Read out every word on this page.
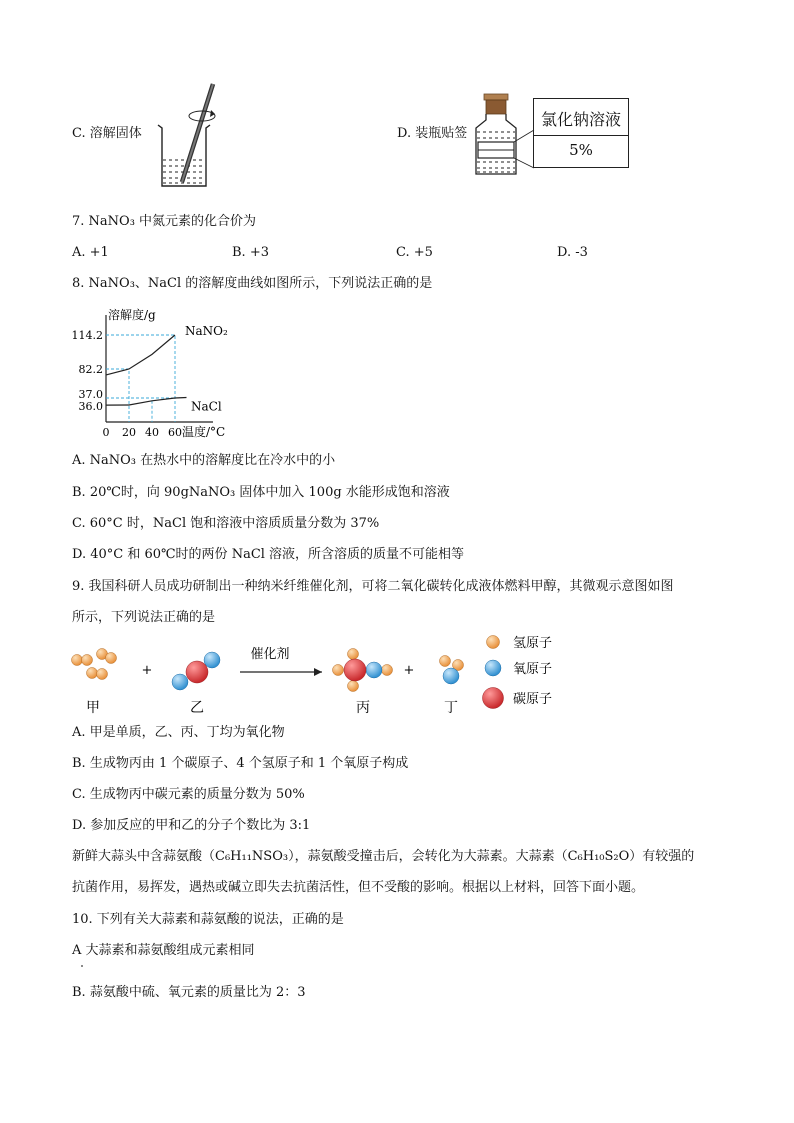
C. 溶解固体	D. 装瓶贴签
氯化钠溶液
5%
7. NaNO₃ 中氮元素的化合价为
A. +1	B. +3	C. +5	D. -3
8. NaNO₃、NaCl 的溶解度曲线如图所示，下列说法正确的是
溶解度/g
温度/°C
114.2
82.2
37.0
36.0
0 20 40 60
NaNO₂
NaCl
A. NaNO₃ 在热水中的溶解度比在冷水中的小
B. 20℃时，向 90gNaNO₃ 固体中加入 100g 水能形成饱和溶液
C. 60°C 时，NaCl 饱和溶液中溶质质量分数为 37%
D. 40°C 和 60℃时的两份 NaCl 溶液，所含溶质的质量不可能相等
9. 我国科研人员成功研制出一种纳米纤维催化剂，可将二氧化碳转化成液体燃料甲醇，其微观示意图如图
所示，下列说法正确的是
+
催化剂
+
甲	乙	丙	丁
氢原子
氧原子
碳原子
A. 甲是单质，乙、丙、丁均为氧化物
B. 生成物丙由 1 个碳原子、4 个氢原子和 1 个氧原子构成
C. 生成物丙中碳元素的质量分数为 50%
D. 参加反应的甲和乙的分子个数比为 3:1
新鲜大蒜头中含蒜氨酸（C₆H₁₁NSO₃），蒜氨酸受撞击后，会转化为大蒜素。大蒜素（C₆H₁₀S₂O）有较强的
抗菌作用，易挥发，遇热或碱立即失去抗菌活性，但不受酸的影响。根据以上材料，回答下面小题。
10. 下列有关大蒜素和蒜氨酸的说法，正确的是
A 大蒜素和蒜氨酸组成元素相同
B. 蒜氨酸中硫、氧元素的质量比为 2：3
